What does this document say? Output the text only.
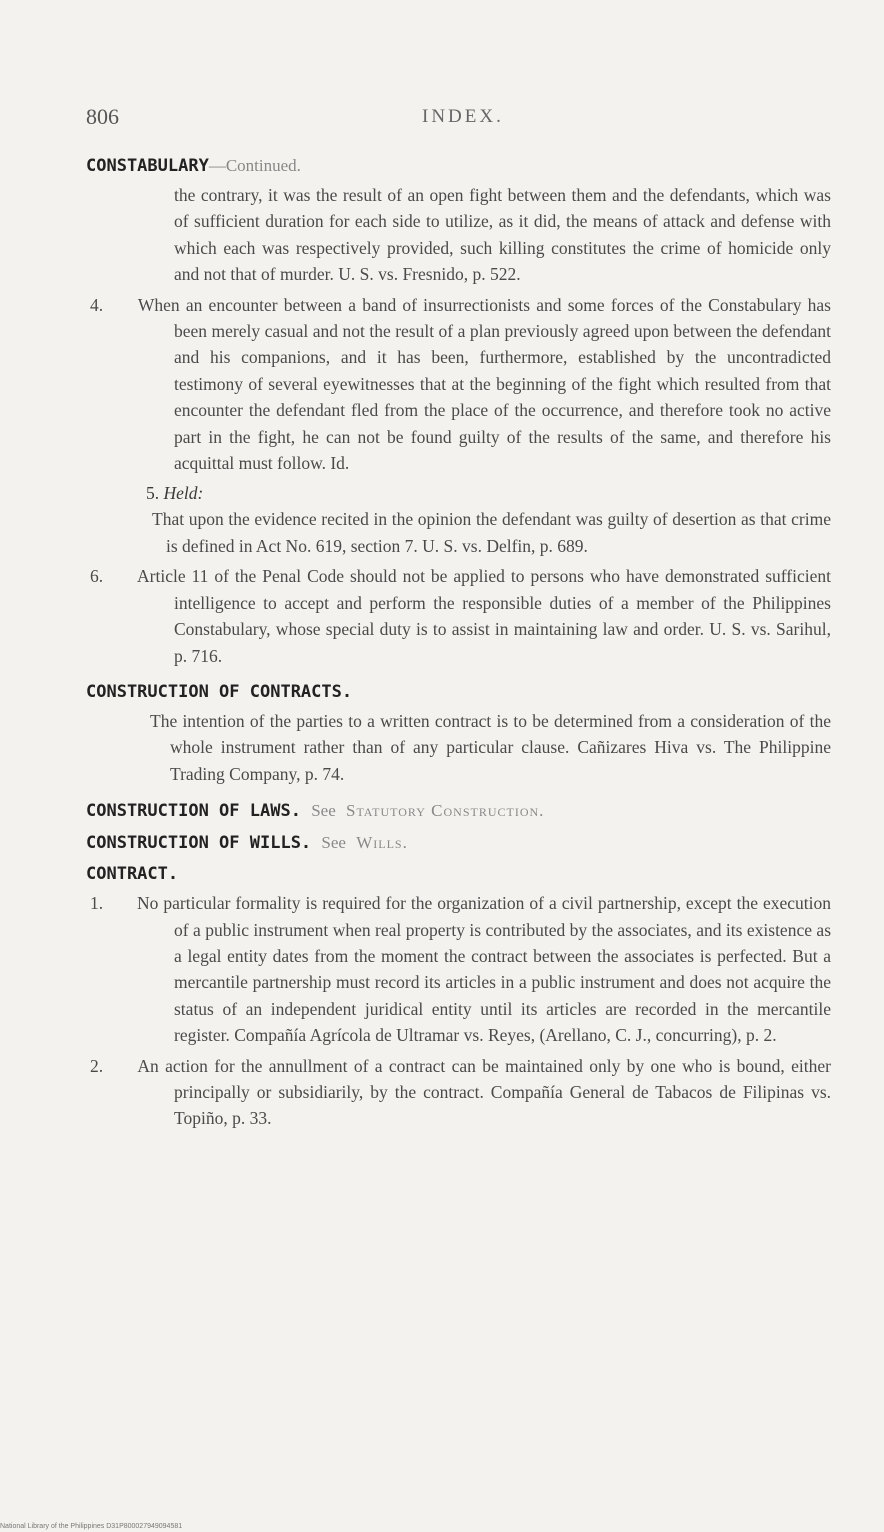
806	INDEX.
CONSTABULARY—Continued.
the contrary, it was the result of an open fight between them and the defendants, which was of sufficient duration for each side to utilize, as it did, the means of attack and defense with which each was respectively provided, such killing constitutes the crime of homicide only and not that of murder. U. S. vs. Fresnido, p. 522.
4. When an encounter between a band of insurrectionists and some forces of the Constabulary has been merely casual and not the result of a plan previously agreed upon between the defendant and his companions, and it has been, furthermore, established by the uncontradicted testimony of several eyewitnesses that at the beginning of the fight which resulted from that encounter the defendant fled from the place of the occurrence, and therefore took no active part in the fight, he can not be found guilty of the results of the same, and therefore his acquittal must follow. Id.
5. Held:
That upon the evidence recited in the opinion the defendant was guilty of desertion as that crime is defined in Act No. 619, section 7. U. S. vs. Delfin, p. 689.
6. Article 11 of the Penal Code should not be applied to persons who have demonstrated sufficient intelligence to accept and perform the responsible duties of a member of the Philippines Constabulary, whose special duty is to assist in maintaining law and order. U. S. vs. Sarihul, p. 716.
CONSTRUCTION OF CONTRACTS.
The intention of the parties to a written contract is to be determined from a consideration of the whole instrument rather than of any particular clause. Cañizares Hiva vs. The Philippine Trading Company, p. 74.
CONSTRUCTION OF LAWS. See Statutory Construction.
CONSTRUCTION OF WILLS. See Wills.
CONTRACT.
1. No particular formality is required for the organization of a civil partnership, except the execution of a public instrument when real property is contributed by the associates, and its existence as a legal entity dates from the moment the contract between the associates is perfected. But a mercantile partnership must record its articles in a public instrument and does not acquire the status of an independent juridical entity until its articles are recorded in the mercantile register. Compañía Agrícola de Ultramar vs. Reyes, (Arellano, C. J., concurring), p. 2.
2. An action for the annullment of a contract can be maintained only by one who is bound, either principally or subsidiarily, by the contract. Compañía General de Tabacos de Filipinas vs. Topiño, p. 33.
National Library of the Philippines D31P800027949094581
